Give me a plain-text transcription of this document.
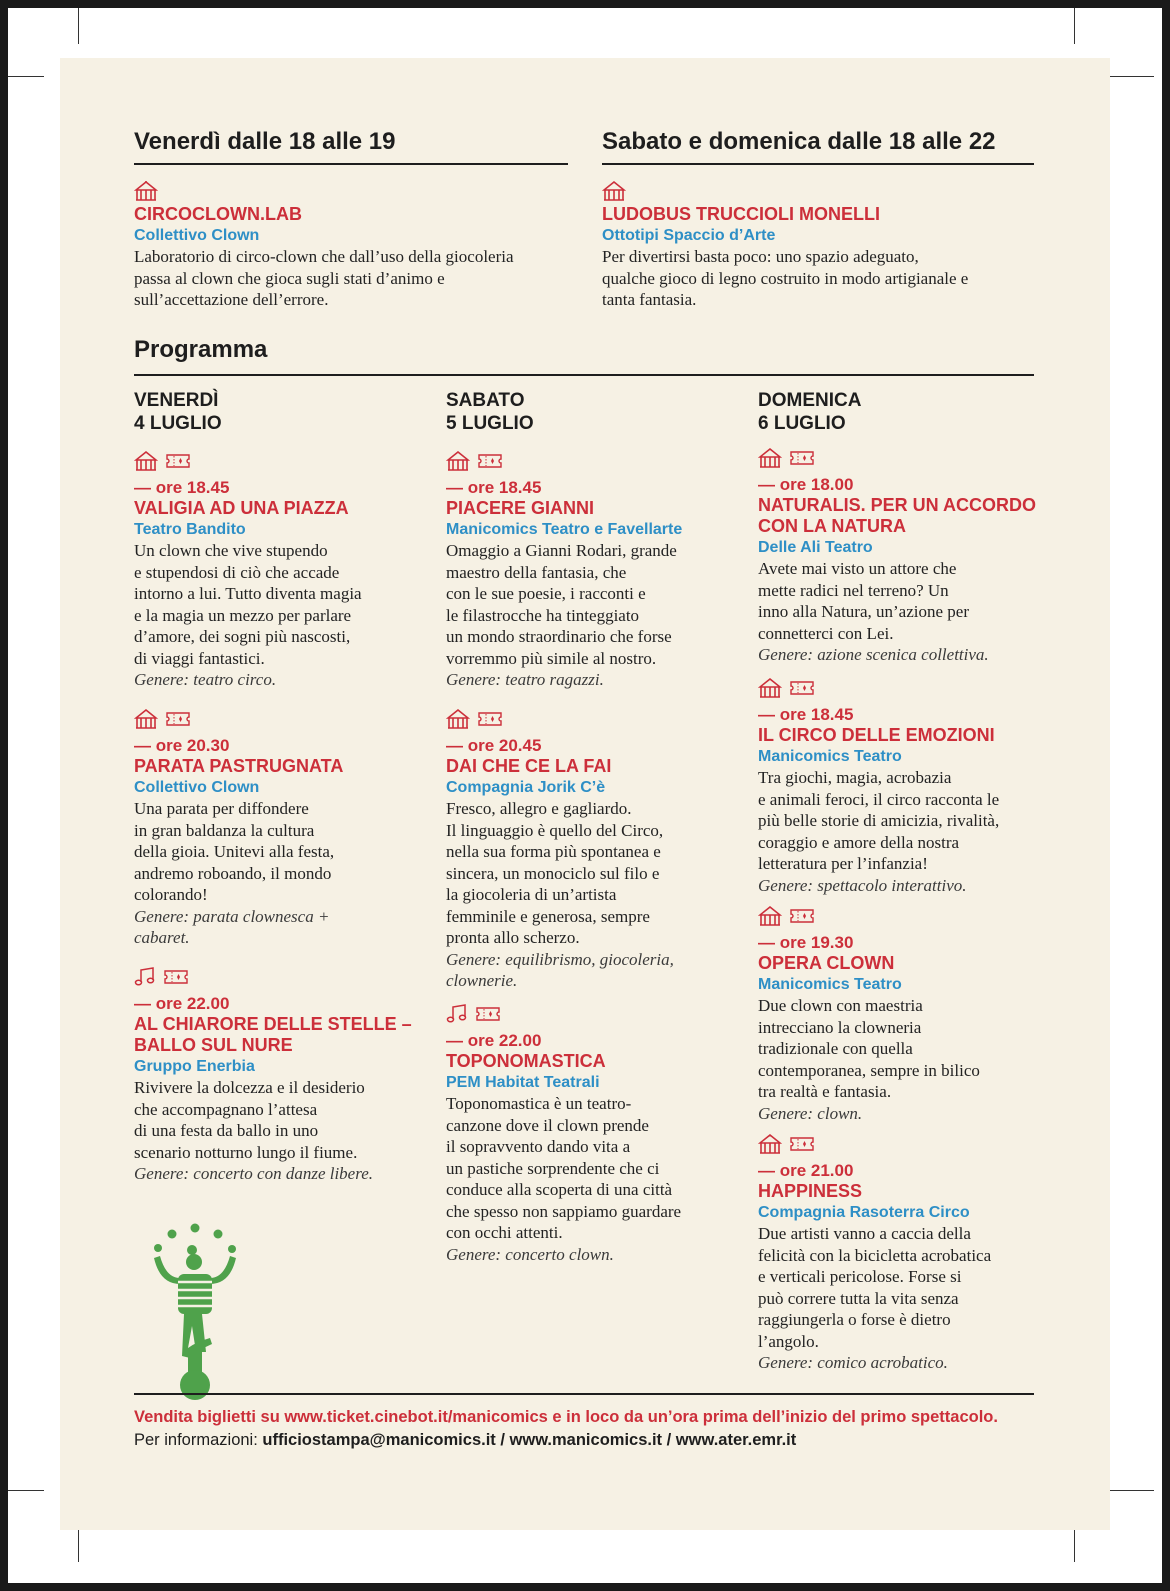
Venerdì dalle 18 alle 19
CIRCOCLOWN.LAB
Collettivo Clown
Laboratorio di circo-clown che dall’uso della giocoleria
passa al clown che gioca sugli stati d’animo e
sull’accettazione dell’errore.
Sabato e domenica dalle 18 alle 22
LUDOBUS TRUCCIOLI MONELLI
Ottotipi Spaccio d’Arte
Per divertirsi basta poco: uno spazio adeguato,
qualche gioco di legno costruito in modo artigianale e
tanta fantasia.
Programma
VENERDÌ
4 LUGLIO
SABATO
5 LUGLIO
DOMENICA
6 LUGLIO
— ore 18.45
VALIGIA AD UNA PIAZZA
Teatro Bandito
Un clown che vive stupendo
e stupendosi di ciò che accade
intorno a lui. Tutto diventa magia
e la magia un mezzo per parlare
d’amore, dei sogni più nascosti,
di viaggi fantastici.
Genere: teatro circo.
— ore 20.30
PARATA PASTRUGNATA
Collettivo Clown
Una parata per diffondere
in gran baldanza la cultura
della gioia. Unitevi alla festa,
andremo roboando, il mondo
colorando!
Genere: parata clownesca +
cabaret.
— ore 22.00
AL CHIARORE DELLE STELLE –
BALLO SUL NURE
Gruppo Enerbia
Rivivere la dolcezza e il desiderio
che accompagnano l’attesa
di una festa da ballo in uno
scenario notturno lungo il fiume.
Genere: concerto con danze libere.
— ore 18.45
PIACERE GIANNI
Manicomics Teatro e Favellarte
Omaggio a Gianni Rodari, grande
maestro della fantasia, che
con le sue poesie, i racconti e
le filastrocche ha tinteggiato
un mondo straordinario che forse
vorremmo più simile al nostro.
Genere: teatro ragazzi.
— ore 20.45
DAI CHE CE LA FAI
Compagnia Jorik C’è
Fresco, allegro e gagliardo.
Il linguaggio è quello del Circo,
nella sua forma più spontanea e
sincera, un monociclo sul filo e
la giocoleria di un’artista
femminile e generosa, sempre
pronta allo scherzo.
Genere: equilibrismo, giocoleria,
clownerie.
— ore 22.00
TOPONOMASTICA
PEM Habitat Teatrali
Toponomastica è un teatro-
canzone dove il clown prende
il sopravvento dando vita a
un pastiche sorprendente che ci
conduce alla scoperta di una città
che spesso non sappiamo guardare
con occhi attenti.
Genere: concerto clown.
— ore 18.00
NATURALIS. PER UN ACCORDO
CON LA NATURA
Delle Ali Teatro
Avete mai visto un attore che
mette radici nel terreno? Un
inno alla Natura, un’azione per
connetterci con Lei.
Genere: azione scenica collettiva.
— ore 18.45
IL CIRCO DELLE EMOZIONI
Manicomics Teatro
Tra giochi, magia, acrobazia
e animali feroci, il circo racconta le
più belle storie di amicizia, rivalità,
coraggio e amore della nostra
letteratura per l’infanzia!
Genere: spettacolo interattivo.
— ore 19.30
OPERA CLOWN
Manicomics Teatro
Due clown con maestria
intrecciano la clowneria
tradizionale con quella
contemporanea, sempre in bilico
tra realtà e fantasia.
Genere: clown.
— ore 21.00
HAPPINESS
Compagnia Rasoterra Circo
Due artisti vanno a caccia della
felicità con la bicicletta acrobatica
e verticali pericolose. Forse si
può correre tutta la vita senza
raggiungerla o forse è dietro
l’angolo.
Genere: comico acrobatico.
Vendita biglietti su www.ticket.cinebot.it/manicomics e in loco da un’ora prima dell’inizio del primo spettacolo.
Per informazioni: ufficiostampa@manicomics.it / www.manicomics.it / www.ater.emr.it
